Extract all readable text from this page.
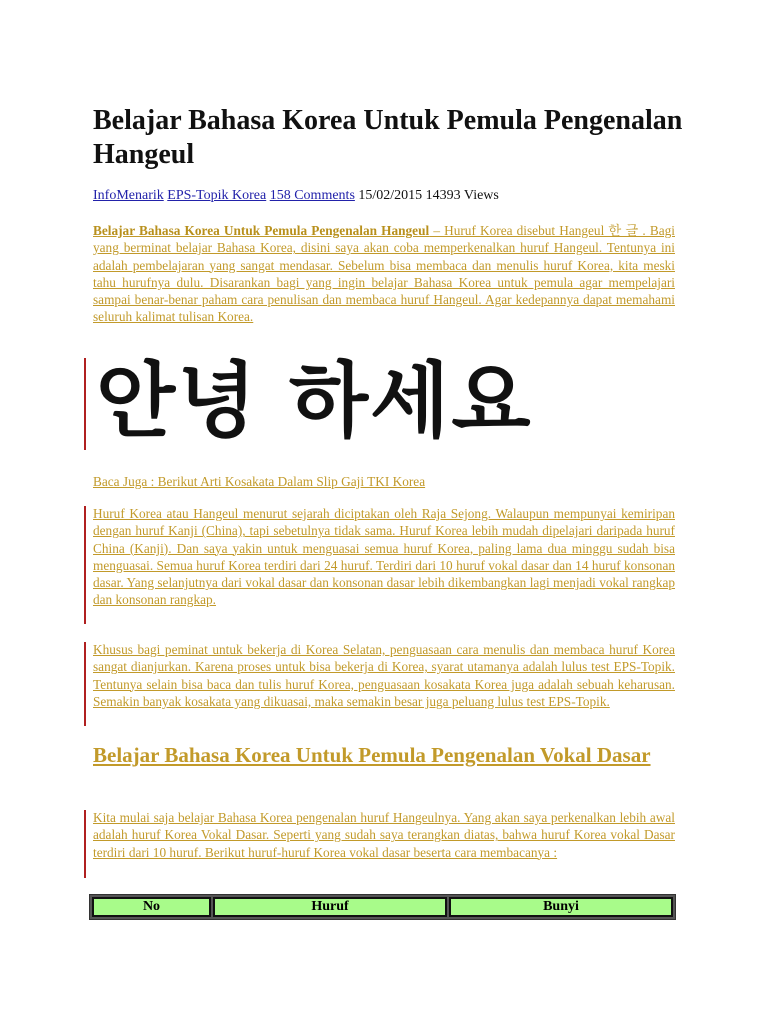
Belajar Bahasa Korea Untuk Pemula Pengenalan Hangeul
InfoMenarik EPS-Topik Korea 158 Comments 15/02/2015 14393 Views
Belajar Bahasa Korea Untuk Pemula Pengenalan Hangeul – Huruf Korea disebut Hangeul 한 글 . Bagi yang berminat belajar Bahasa Korea, disini saya akan coba memperkenalkan huruf Hangeul. Tentunya ini adalah pembelajaran yang sangat mendasar. Sebelum bisa membaca dan menulis huruf Korea, kita meski tahu hurufnya dulu. Disarankan bagi yang ingin belajar Bahasa Korea untuk pemula agar mempelajari sampai benar-benar paham cara penulisan dan membaca huruf Hangeul. Agar kedepannya dapat memahami seluruh kalimat tulisan Korea.
안녕 하세요
Baca Juga : Berikut Arti Kosakata Dalam Slip Gaji TKI Korea
Huruf Korea atau Hangeul menurut sejarah diciptakan oleh Raja Sejong. Walaupun mempunyai kemiripan dengan huruf Kanji (China), tapi sebetulnya tidak sama. Huruf Korea lebih mudah dipelajari daripada huruf China (Kanji). Dan saya yakin untuk menguasai semua huruf Korea, paling lama dua minggu sudah bisa menguasai. Semua huruf Korea terdiri dari 24 huruf. Terdiri dari 10 huruf vokal dasar dan 14 huruf konsonan dasar. Yang selanjutnya dari vokal dasar dan konsonan dasar lebih dikembangkan lagi menjadi vokal rangkap dan konsonan rangkap.
Khusus bagi peminat untuk bekerja di Korea Selatan, penguasaan cara menulis dan membaca huruf Korea sangat dianjurkan. Karena proses untuk bisa bekerja di Korea, syarat utamanya adalah lulus test EPS-Topik. Tentunya selain bisa baca dan tulis huruf Korea, penguasaan kosakata Korea juga adalah sebuah keharusan. Semakin banyak kosakata yang dikuasai, maka semakin besar juga peluang lulus test EPS-Topik.
Belajar Bahasa Korea Untuk Pemula Pengenalan Vokal Dasar
Kita mulai saja belajar Bahasa Korea pengenalan huruf Hangeulnya. Yang akan saya perkenalkan lebih awal adalah huruf Korea Vokal Dasar. Seperti yang sudah saya terangkan diatas, bahwa huruf Korea vokal Dasar terdiri dari 10 huruf. Berikut huruf-huruf Korea vokal dasar beserta cara membacanya :
No	Huruf	Bunyi
